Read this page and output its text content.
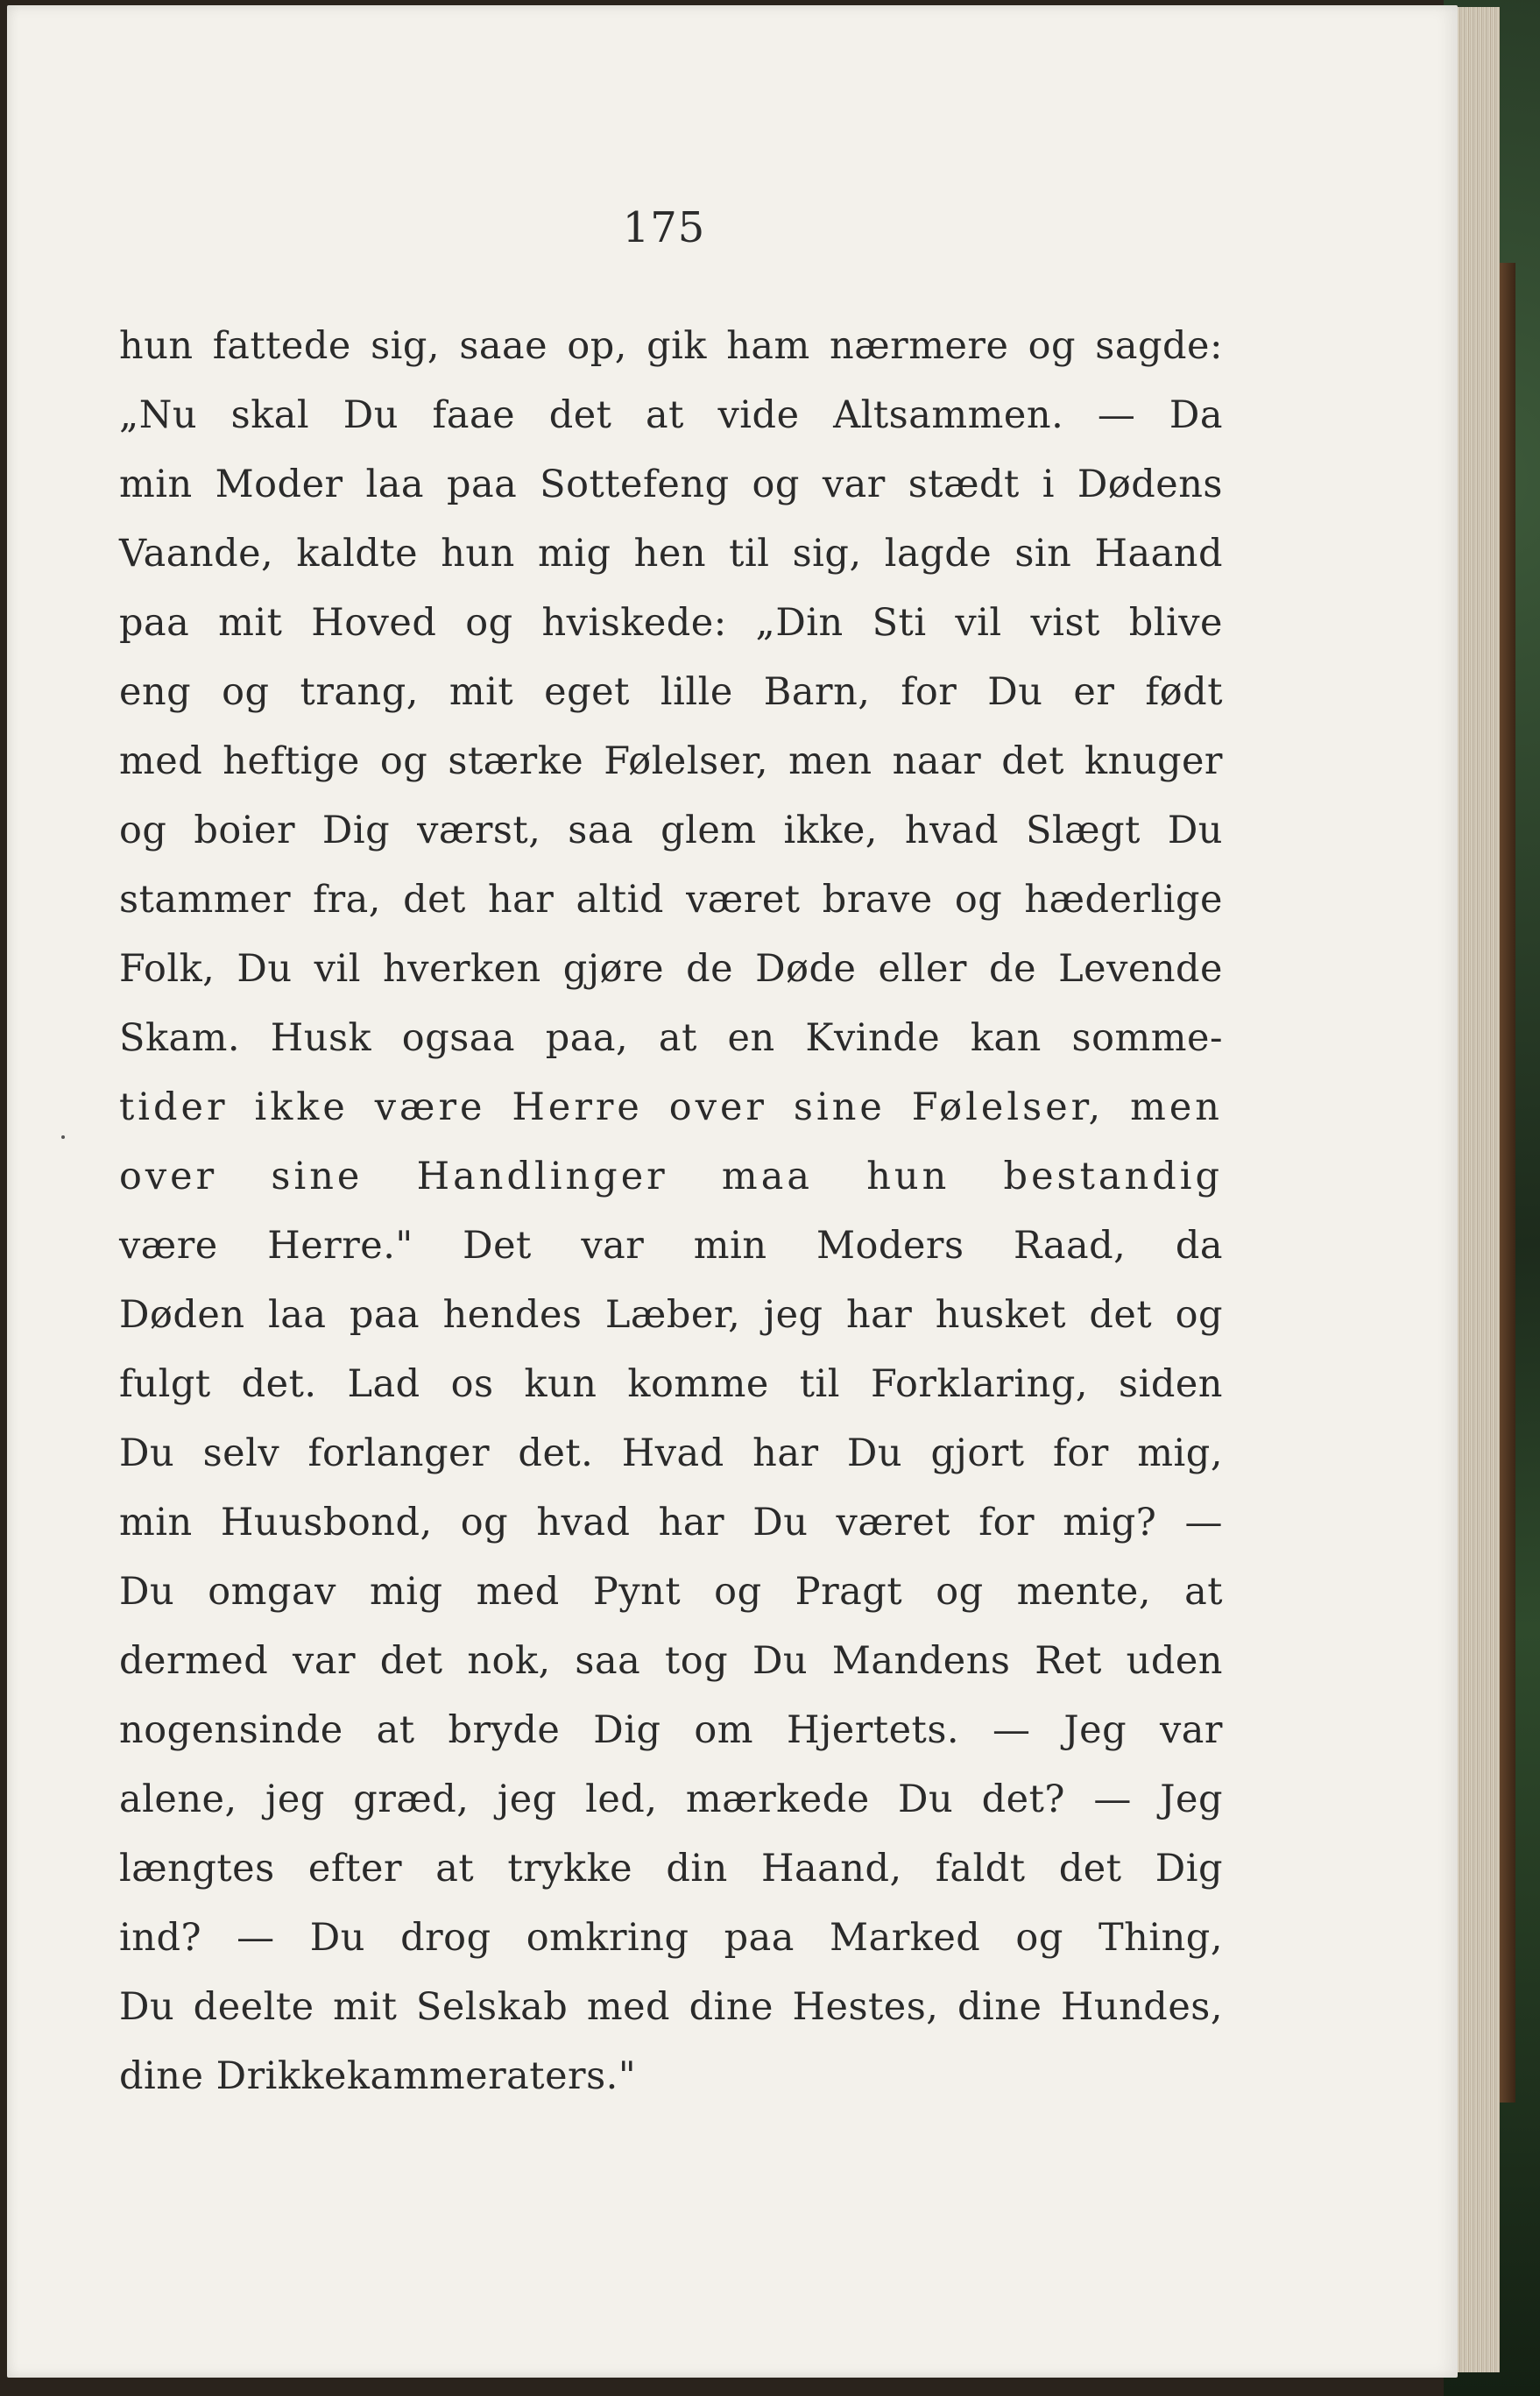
175
hun fattede sig, saae op, gik ham nærmere og sagde:
„Nu skal Du faae det at vide Altsammen. — Da
min Moder laa paa Sottefeng og var stædt i Dødens
Vaande, kaldte hun mig hen til sig, lagde sin Haand
paa mit Hoved og hviskede: „Din Sti vil vist blive
eng og trang, mit eget lille Barn, for Du er født
med heftige og stærke Følelser, men naar det knuger
og boier Dig værst, saa glem ikke, hvad Slægt Du
stammer fra, det har altid været brave og hæderlige
Folk, Du vil hverken gjøre de Døde eller de Levende
Skam. Husk ogsaa paa, at en Kvinde kan somme-
tider ikke være Herre over sine Følelser, men
over sine Handlinger maa hun bestandig
være Herre." Det var min Moders Raad, da
Døden laa paa hendes Læber, jeg har husket det og
fulgt det. Lad os kun komme til Forklaring, siden
Du selv forlanger det. Hvad har Du gjort for mig,
min Huusbond, og hvad har Du været for mig? —
Du omgav mig med Pynt og Pragt og mente, at
dermed var det nok, saa tog Du Mandens Ret uden
nogensinde at bryde Dig om Hjertets. — Jeg var
alene, jeg græd, jeg led, mærkede Du det? — Jeg
længtes efter at trykke din Haand, faldt det Dig
ind? — Du drog omkring paa Marked og Thing,
Du deelte mit Selskab med dine Hestes, dine Hundes,
dine Drikkekammeraters."
